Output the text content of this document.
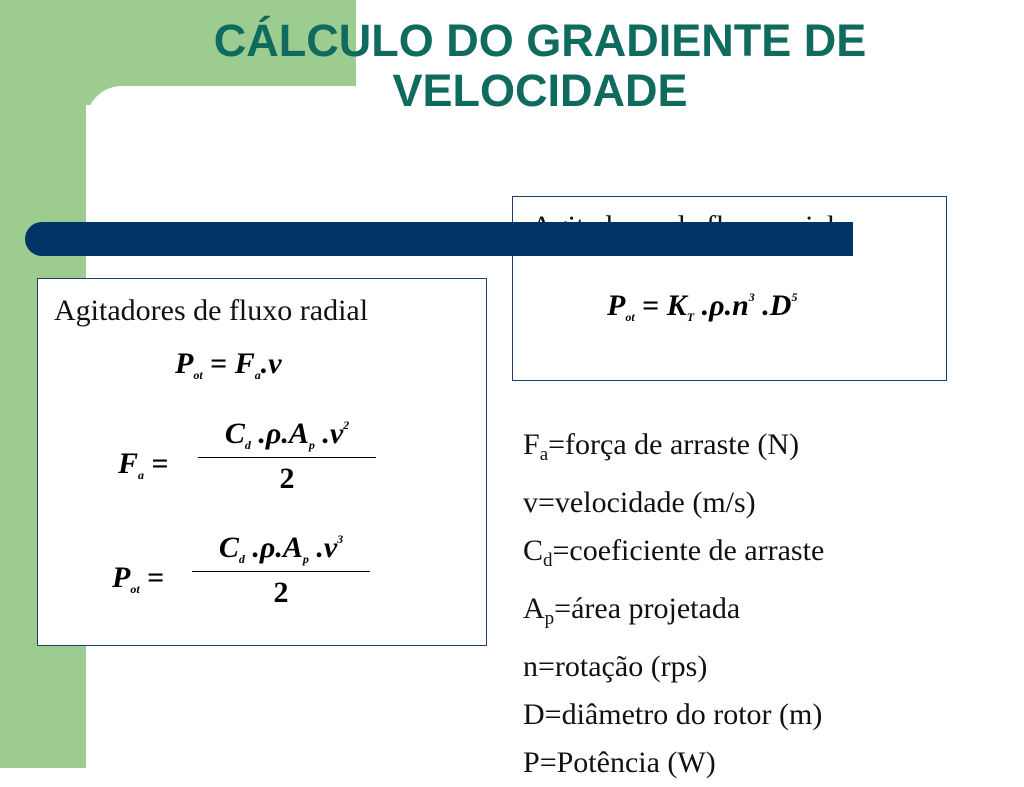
CÁLCULO DO GRADIENTE DE
VELOCIDADE
$P_{ot} = K_T$ $.\rho.n^3$ $.D^5$
Agitadores de fluxo radial
$P_{ot} = F_a.v$
$F_a = \frac{C_d .\rho.A_p .v^2}{2}$
$P_{ot} = \frac{C_d .\rho.A_p .v^3}{2}$
$F_a=força$ de arraste (N)
v=velocidade (m/s)
$C_d=coeficiente$ de arraste
$A_p=área$ projetada
n=rotação (rps)
D=diâmetro do rotor (m)
P=Potência (W)
